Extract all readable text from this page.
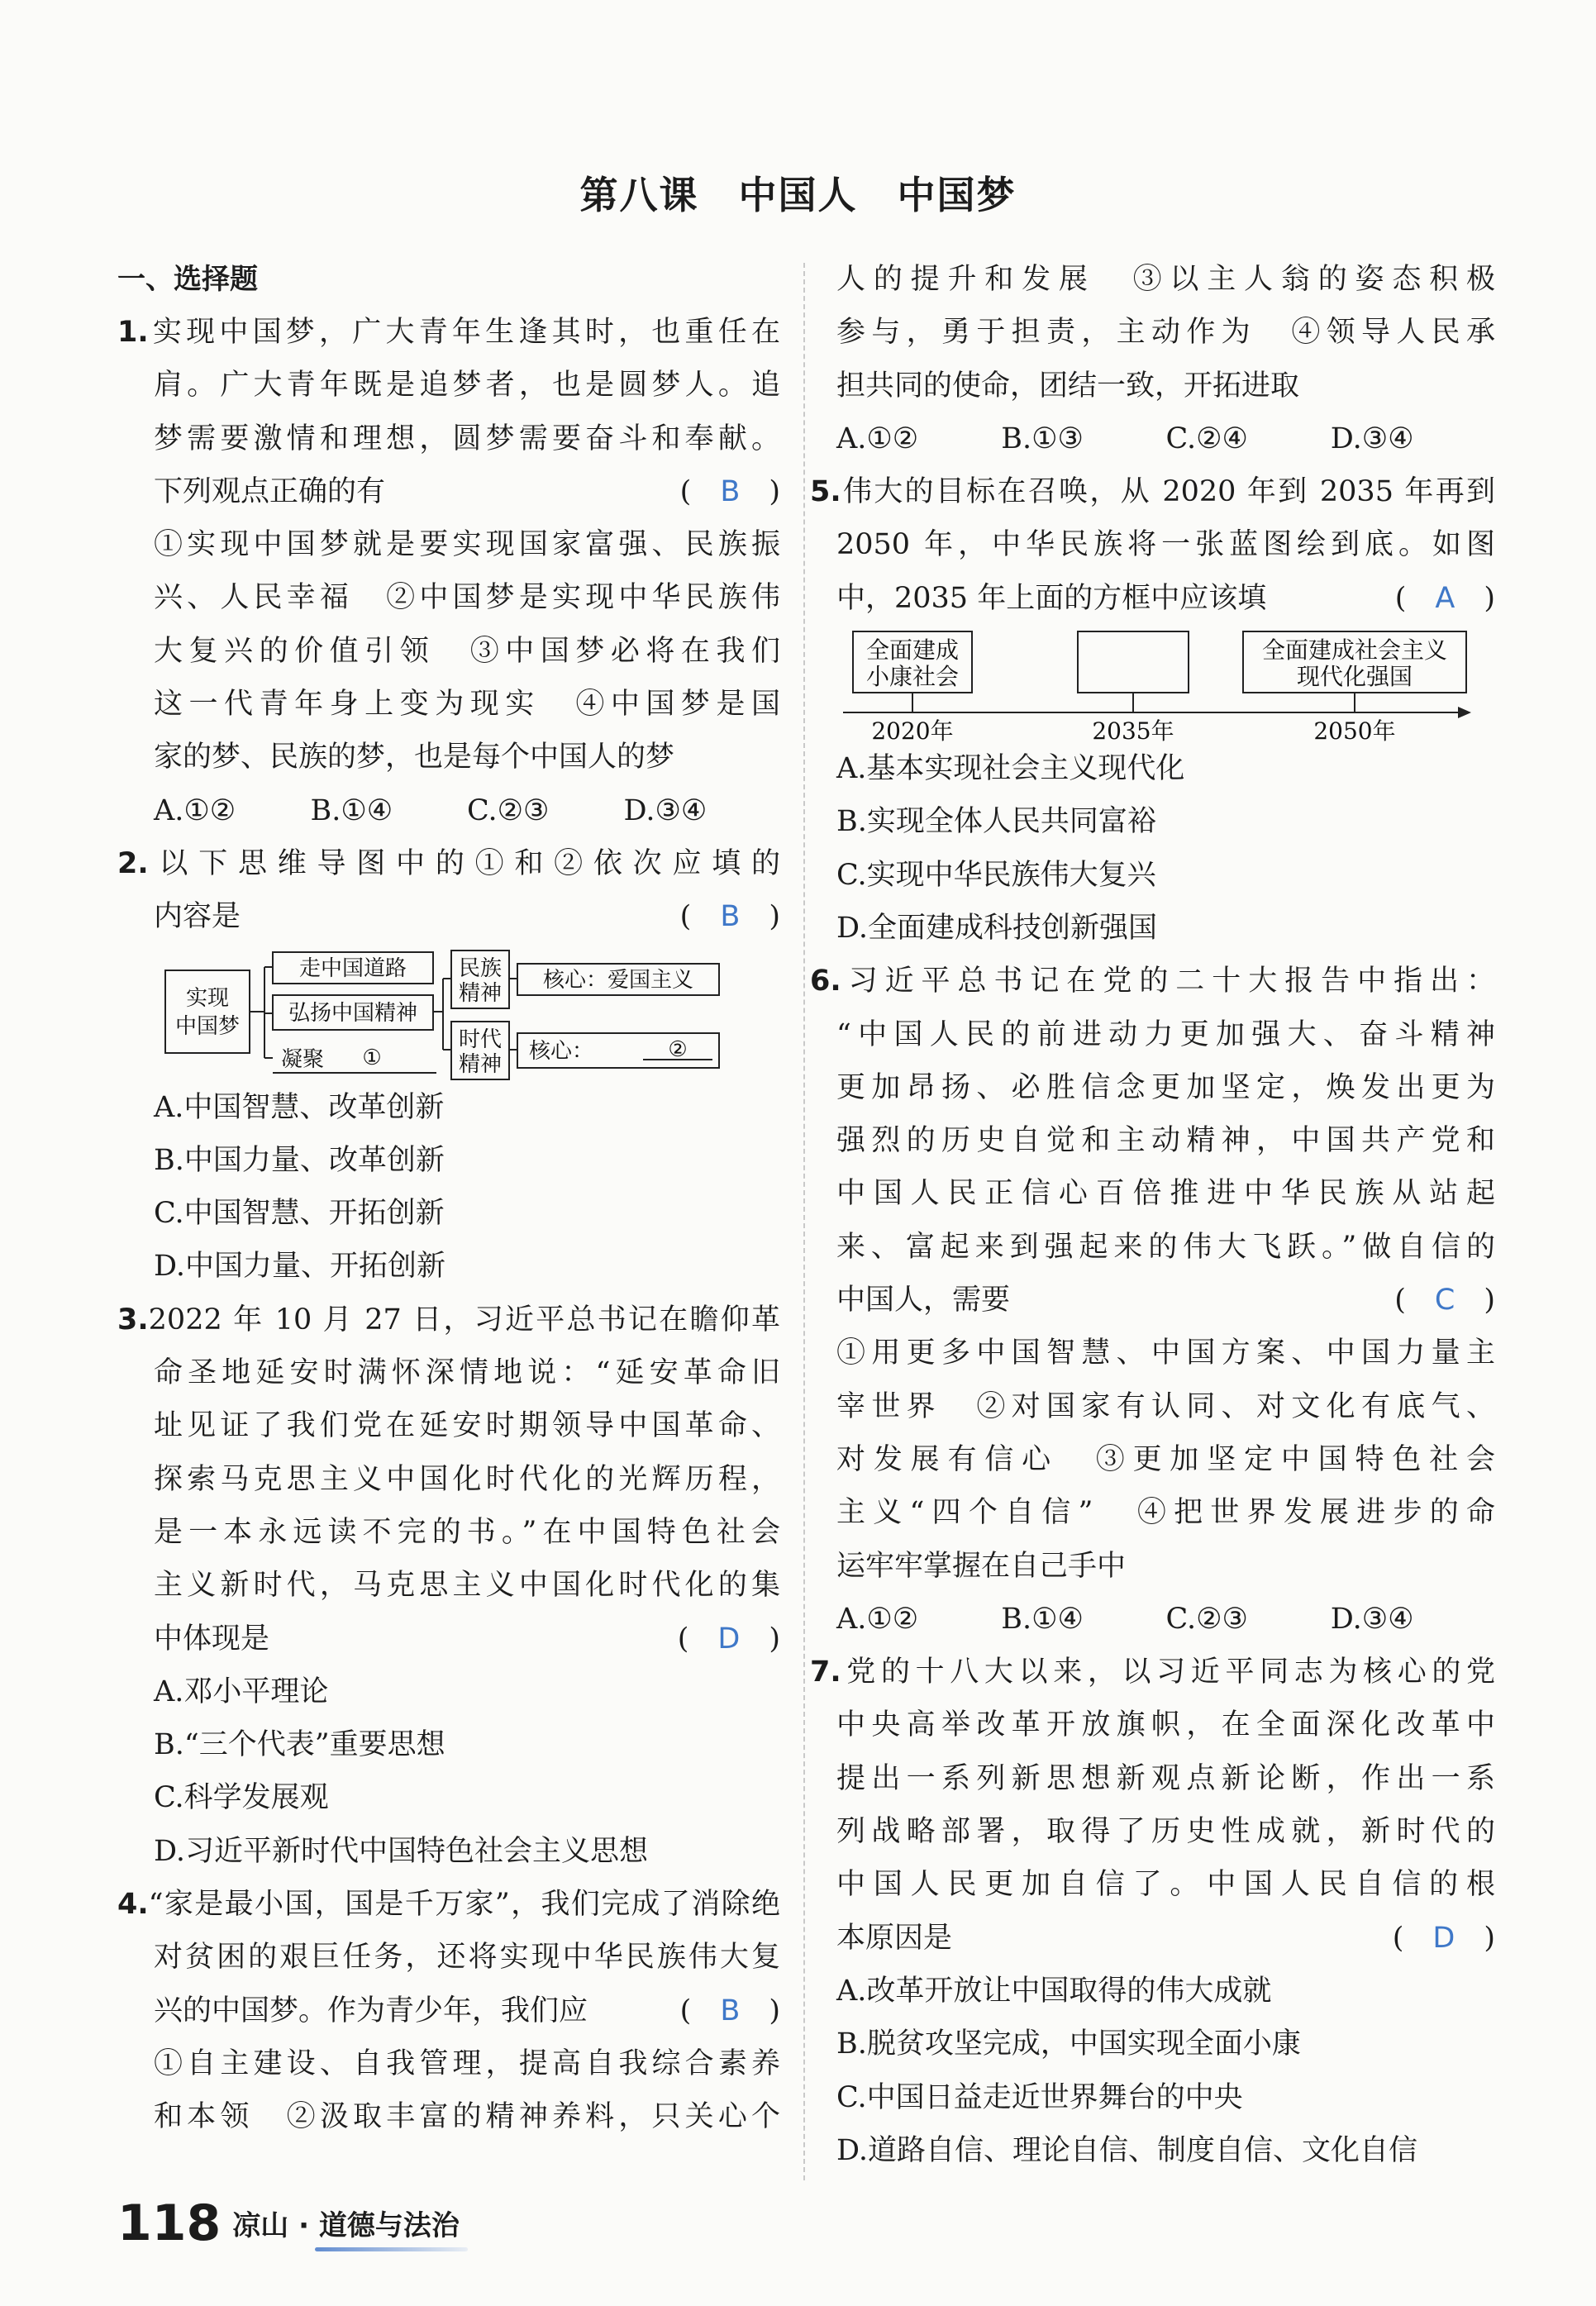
第八课　中国人　中国梦
一、选择题
1.实现中国梦，广大青年生逢其时，也重任在
肩。广大青年既是追梦者，也是圆梦人。追
梦需要激情和理想，圆梦需要奋斗和奉献。
下列观点正确的有	(　B　)
①实现中国梦就是要实现国家富强、民族振
兴、人民幸福　②中国梦是实现中华民族伟
大复兴的价值引领　③中国梦必将在我们
这一代青年身上变为现实　④中国梦是国
家的梦、民族的梦，也是每个中国人的梦
A.①②	B.①④	C.②③	D.③④
2.以下思维导图中的①和②依次应填的
内容是	(　B　)
实现
中国梦
走中国道路
弘扬中国精神
凝聚 ①
民族
精神
时代
精神
核心：爱国主义
核心：	②
A.中国智慧、改革创新
B.中国力量、改革创新
C.中国智慧、开拓创新
D.中国力量、开拓创新
3.2022 年 10 月 27 日，习近平总书记在瞻仰革
命圣地延安时满怀深情地说：“延安革命旧
址见证了我们党在延安时期领导中国革命、
探索马克思主义中国化时代化的光辉历程，
是一本永远读不完的书。”在中国特色社会
主义新时代，马克思主义中国化时代化的集
中体现是	(　D　)
A.邓小平理论
B.“三个代表”重要思想
C.科学发展观
D.习近平新时代中国特色社会主义思想
4.“家是最小国，国是千万家”，我们完成了消除绝
对贫困的艰巨任务，还将实现中华民族伟大复
兴的中国梦。作为青少年，我们应	(　B　)
①自主建设、自我管理，提高自我综合素养
和本领　②汲取丰富的精神养料，只关心个
人的提升和发展　③以主人翁的姿态积极
参与，勇于担责，主动作为　④领导人民承
担共同的使命，团结一致，开拓进取
A.①②	B.①③	C.②④	D.③④
5.伟大的目标在召唤，从 2020 年到 2035 年再到
2050 年，中华民族将一张蓝图绘到底。如图
中，2035 年上面的方框中应该填	(　A　)
全面建成
小康社会
全面建成社会主义
现代化强国
2020年	2035年	2050年
A.基本实现社会主义现代化
B.实现全体人民共同富裕
C.实现中华民族伟大复兴
D.全面建成科技创新强国
6.习近平总书记在党的二十大报告中指出：
“中国人民的前进动力更加强大、奋斗精神
更加昂扬、必胜信念更加坚定，焕发出更为
强烈的历史自觉和主动精神，中国共产党和
中国人民正信心百倍推进中华民族从站起
来、富起来到强起来的伟大飞跃。”做自信的
中国人，需要	(　C　)
①用更多中国智慧、中国方案、中国力量主
宰世界　②对国家有认同、对文化有底气、
对发展有信心　③更加坚定中国特色社会
主义“四个自信”　④把世界发展进步的命
运牢牢掌握在自己手中
A.①②	B.①④	C.②③	D.③④
7.党的十八大以来，以习近平同志为核心的党
中央高举改革开放旗帜，在全面深化改革中
提出一系列新思想新观点新论断，作出一系
列战略部署，取得了历史性成就，新时代的
中国人民更加自信了。中国人民自信的根
本原因是	(　D　)
A.改革开放让中国取得的伟大成就
B.脱贫攻坚完成，中国实现全面小康
C.中国日益走近世界舞台的中央
D.道路自信、理论自信、制度自信、文化自信
118 凉山 · 道德与法治
